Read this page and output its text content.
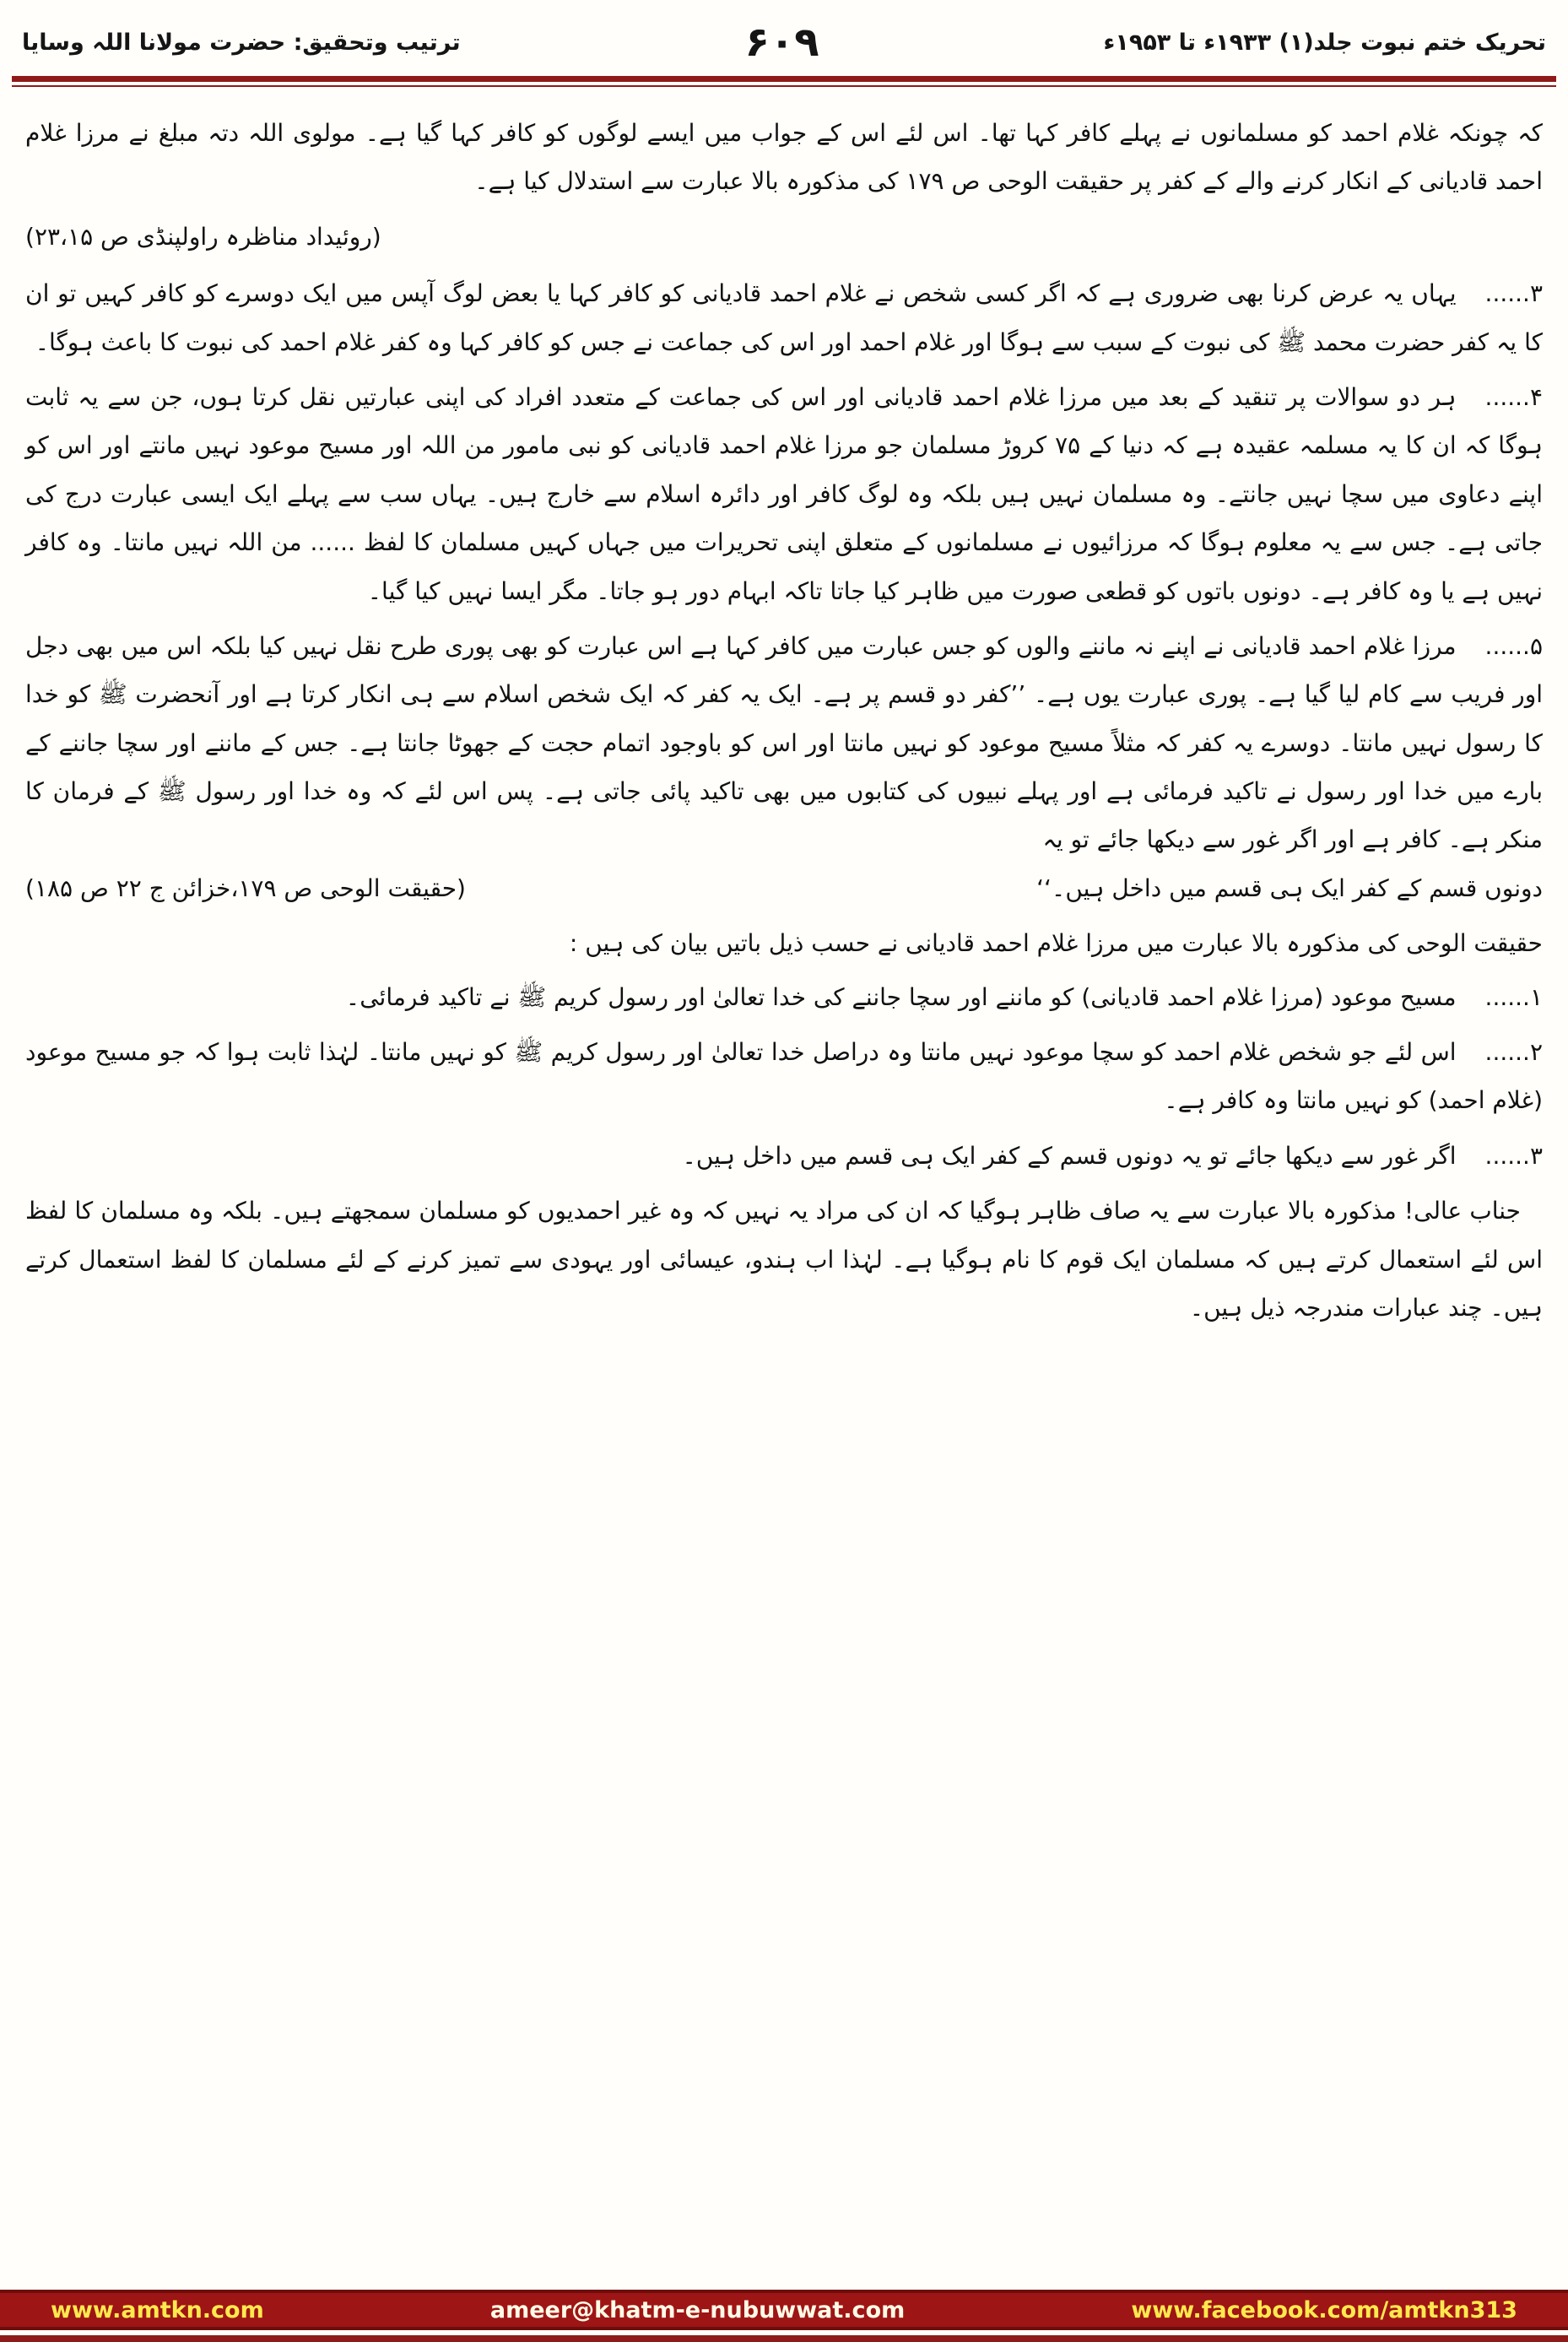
تحریک ختم نبوت جلد(۱) ۱۹۳۳ء تا ۱۹۵۳ء
۶۰۹
ترتیب وتحقیق: حضرت مولانا اللہ وسایا
کہ چونکہ غلام احمد کو مسلمانوں نے پہلے کافر کہا تھا۔ اس لئے اس کے جواب میں ایسے لوگوں کو کافر کہا گیا ہے۔ مولوی اللہ دتہ مبلغ نے مرزا غلام احمد قادیانی کے انکار کرنے والے کے کفر پر حقیقت الوحی ص ۱۷۹ کی مذکورہ بالا عبارت سے استدلال کیا ہے۔
(روئیداد مناظرہ راولپنڈی ص ۲۳،۱۵)
۳......یہاں یہ عرض کرنا بھی ضروری ہے کہ اگر کسی شخص نے غلام احمد قادیانی کو کافر کہا یا بعض لوگ آپس میں ایک دوسرے کو کافر کہیں تو ان کا یہ کفر حضرت محمد ﷺ کی نبوت کے سبب سے ہوگا اور غلام احمد اور اس کی جماعت نے جس کو کافر کہا وہ کفر غلام احمد کی نبوت کا باعث ہوگا۔
۴......ہر دو سوالات پر تنقید کے بعد میں مرزا غلام احمد قادیانی اور اس کی جماعت کے متعدد افراد کی اپنی عبارتیں نقل کرتا ہوں، جن سے یہ ثابت ہوگا کہ ان کا یہ مسلمہ عقیدہ ہے کہ دنیا کے ۷۵ کروڑ مسلمان جو مرزا غلام احمد قادیانی کو نبی مامور من اللہ اور مسیح موعود نہیں مانتے اور اس کو اپنے دعاوی میں سچا نہیں جانتے۔ وہ مسلمان نہیں ہیں بلکہ وہ لوگ کافر اور دائرہ اسلام سے خارج ہیں۔ یہاں سب سے پہلے ایک ایسی عبارت درج کی جاتی ہے۔ جس سے یہ معلوم ہوگا کہ مرزائیوں نے مسلمانوں کے متعلق اپنی تحریرات میں جہاں کہیں مسلمان کا لفظ ...... من اللہ نہیں مانتا۔ وہ کافر نہیں ہے یا وہ کافر ہے۔ دونوں باتوں کو قطعی صورت میں ظاہر کیا جاتا تاکہ ابہام دور ہو جاتا۔ مگر ایسا نہیں کیا گیا۔
۵......مرزا غلام احمد قادیانی نے اپنے نہ ماننے والوں کو جس عبارت میں کافر کہا ہے اس عبارت کو بھی پوری طرح نقل نہیں کیا بلکہ اس میں بھی دجل اور فریب سے کام لیا گیا ہے۔ پوری عبارت یوں ہے۔ ’’کفر دو قسم پر ہے۔ ایک یہ کفر کہ ایک شخص اسلام سے ہی انکار کرتا ہے اور آنحضرت ﷺ کو خدا کا رسول نہیں مانتا۔ دوسرے یہ کفر کہ مثلاً مسیح موعود کو نہیں مانتا اور اس کو باوجود اتمام حجت کے جھوٹا جانتا ہے۔ جس کے ماننے اور سچا جاننے کے بارے میں خدا اور رسول نے تاکید فرمائی ہے اور پہلے نبیوں کی کتابوں میں بھی تاکید پائی جاتی ہے۔ پس اس لئے کہ وہ خدا اور رسول ﷺ کے فرمان کا منکر ہے۔ کافر ہے اور اگر غور سے دیکھا جائے تو یہ
دونوں قسم کے کفر ایک ہی قسم میں داخل ہیں۔‘‘
(حقیقت الوحی ص ۱۷۹،خزائن ج ۲۲ ص ۱۸۵)
حقیقت الوحی کی مذکورہ بالا عبارت میں مرزا غلام احمد قادیانی نے حسب ذیل باتیں بیان کی ہیں :
۱......مسیح موعود (مرزا غلام احمد قادیانی) کو ماننے اور سچا جاننے کی خدا تعالیٰ اور رسول کریم ﷺ نے تاکید فرمائی۔
۲......اس لئے جو شخص غلام احمد کو سچا موعود نہیں مانتا وہ دراصل خدا تعالیٰ اور رسول کریم ﷺ کو نہیں مانتا۔ لہٰذا ثابت ہوا کہ جو مسیح موعود (غلام احمد) کو نہیں مانتا وہ کافر ہے۔
۳......اگر غور سے دیکھا جائے تو یہ دونوں قسم کے کفر ایک ہی قسم میں داخل ہیں۔
جناب عالی! مذکورہ بالا عبارت سے یہ صاف ظاہر ہوگیا کہ ان کی مراد یہ نہیں کہ وہ غیر احمدیوں کو مسلمان سمجھتے ہیں۔ بلکہ وہ مسلمان کا لفظ اس لئے استعمال کرتے ہیں کہ مسلمان ایک قوم کا نام ہوگیا ہے۔ لہٰذا اب ہندو، عیسائی اور یہودی سے تمیز کرنے کے لئے مسلمان کا لفظ استعمال کرتے ہیں۔ چند عبارات مندرجہ ذیل ہیں۔
www.amtkn.com	ameer@khatm-e-nubuwwat.com	www.facebook.com/amtkn313
